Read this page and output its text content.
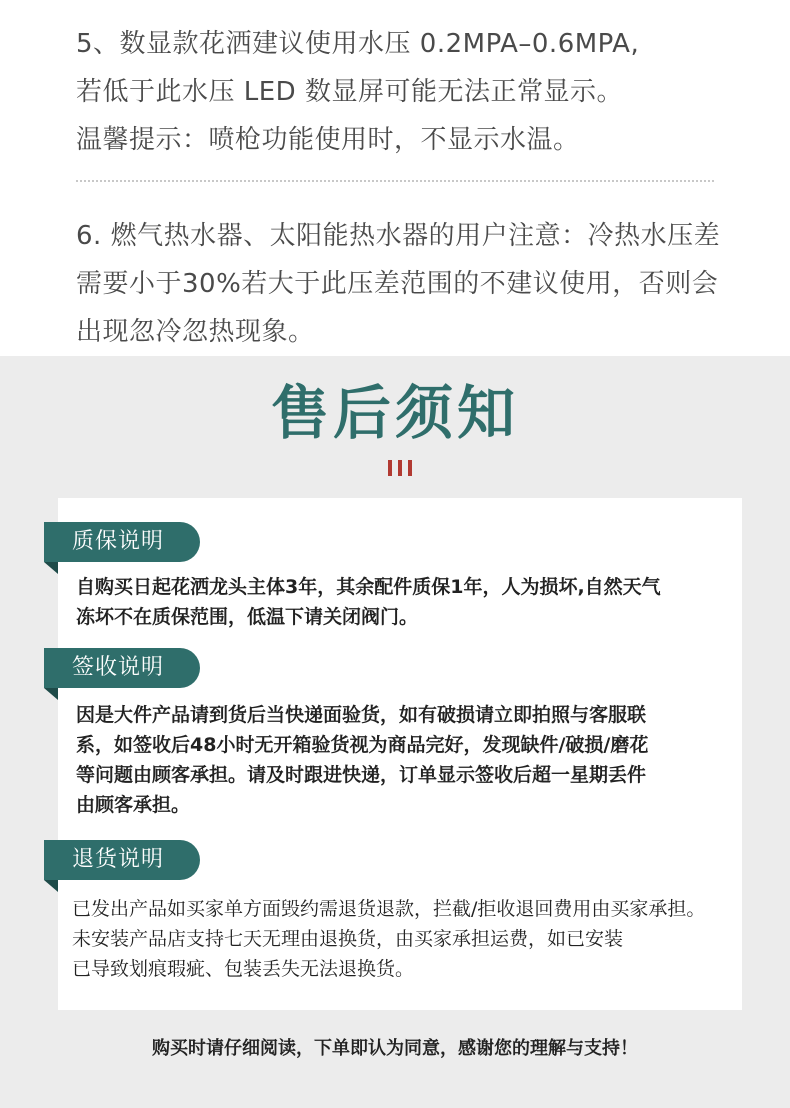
5、数显款花洒建议使用水压 0.2MPA–0.6MPA,
若低于此水压 LED 数显屏可能无法正常显示。
温馨提示：喷枪功能使用时，不显示水温。
6. 燃气热水器、太阳能热水器的用户注意：冷热水压差
需要小于30%若大于此压差范围的不建议使用，否则会
出现忽冷忽热现象。
售后须知
质保说明
自购买日起花洒龙头主体3年，其余配件质保1年，人为损坏,自然天气
冻坏不在质保范围，低温下请关闭阀门。
签收说明
因是大件产品请到货后当快递面验货，如有破损请立即拍照与客服联
系，如签收后48小时无开箱验货视为商品完好，发现缺件/破损/磨花
等问题由顾客承担。请及时跟进快递，订单显示签收后超一星期丢件
由顾客承担。
退货说明
已发出产品如买家单方面毁约需退货退款，拦截/拒收退回费用由买家承担。
未安装产品店支持七天无理由退换货，由买家承担运费，如已安装
已导致划痕瑕疵、包装丢失无法退换货。
购买时请仔细阅读，下单即认为同意，感谢您的理解与支持！
